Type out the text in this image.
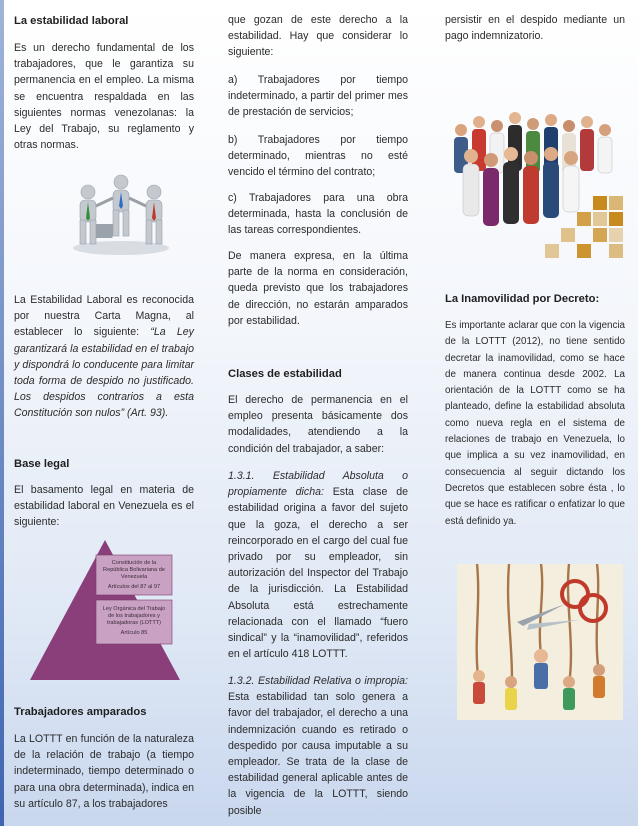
La estabilidad laboral

Es un derecho fundamental de los trabajadores, que le garantiza su permanencia en el empleo. La misma se encuentra respaldada en las siguientes normas venezolanas: la Ley del Trabajo, su reglamento y otras normas.

La Estabilidad Laboral es reconocida por nuestra Carta Magna, al establecer lo siguiente: “La Ley garantizará la estabilidad en el trabajo y dispondrá lo conducente para limitar toda forma de despido no justificado. Los despidos contrarios a esta Constitución son nulos” (Art. 93).

Base legal

El basamento legal en materia de estabilidad laboral en Venezuela es el siguiente:

Constitución de la
República Bolivariana de
Venezuela
Artículos del 87 al 97
Ley Orgánica del Trabajo
de los trabajadores y
trabajadoras (LOTTT)
Artículo 85
Trabajadores amparados

La LOTTT en función de la naturaleza de la relación de trabajo (a tiempo indeterminado, tiempo determinado o para una obra determinada), indica en su artículo 87, a los trabajadores

que gozan de este derecho a la estabilidad. Hay que considerar lo siguiente:

a) Trabajadores por tiempo indeterminado, a partir del primer mes de prestación de servicios;

b) Trabajadores por tiempo determinado, mientras no esté vencido el término del contrato;

c) Trabajadores para una obra determinada, hasta la conclusión de las tareas correspondientes.

De manera expresa, en la última parte de la norma en consideración, queda previsto que los trabajadores de dirección, no estarán amparados por estabilidad.

Clases de estabilidad

El derecho de permanencia en el empleo presenta básicamente dos modalidades, atendiendo a la condición del trabajador, a saber:

1.3.1. Estabilidad Absoluta o propiamente dicha: Esta clase de estabilidad origina a favor del sujeto que la goza, el derecho a ser reincorporado en el cargo del cual fue privado por su empleador, sin autorización del Inspector del Trabajo de la jurisdicción. La Estabilidad Absoluta está estrechamente relacionada con el llamado “fuero sindical” y la “inamovilidad”, referidos en el artículo 418 LOTTT.

1.3.2. Estabilidad Relativa o impropia: Esta estabilidad tan solo genera a favor del trabajador, el derecho a una indemnización cuando es retirado o despedido por causa imputable a su empleador. Se trata de la clase de estabilidad general aplicable antes de la vigencia de la LOTTT, siendo posible

persistir en el despido mediante un pago indemnizatorio.

La Inamovilidad por Decreto:

Es importante aclarar que con la vigencia de la LOTTT (2012), no tiene sentido decretar la inamovilidad, como se hace de manera continua desde 2002. La orientación de la LOTTT como se ha planteado, define la estabilidad absoluta como nueva regla en el sistema de relaciones de trabajo en Venezuela, lo que implica a su vez inamovilidad, en consecuencia al seguir dictando los Decretos que establecen sobre ésta , lo que se hace es ratificar o enfatizar lo que está definido ya.
